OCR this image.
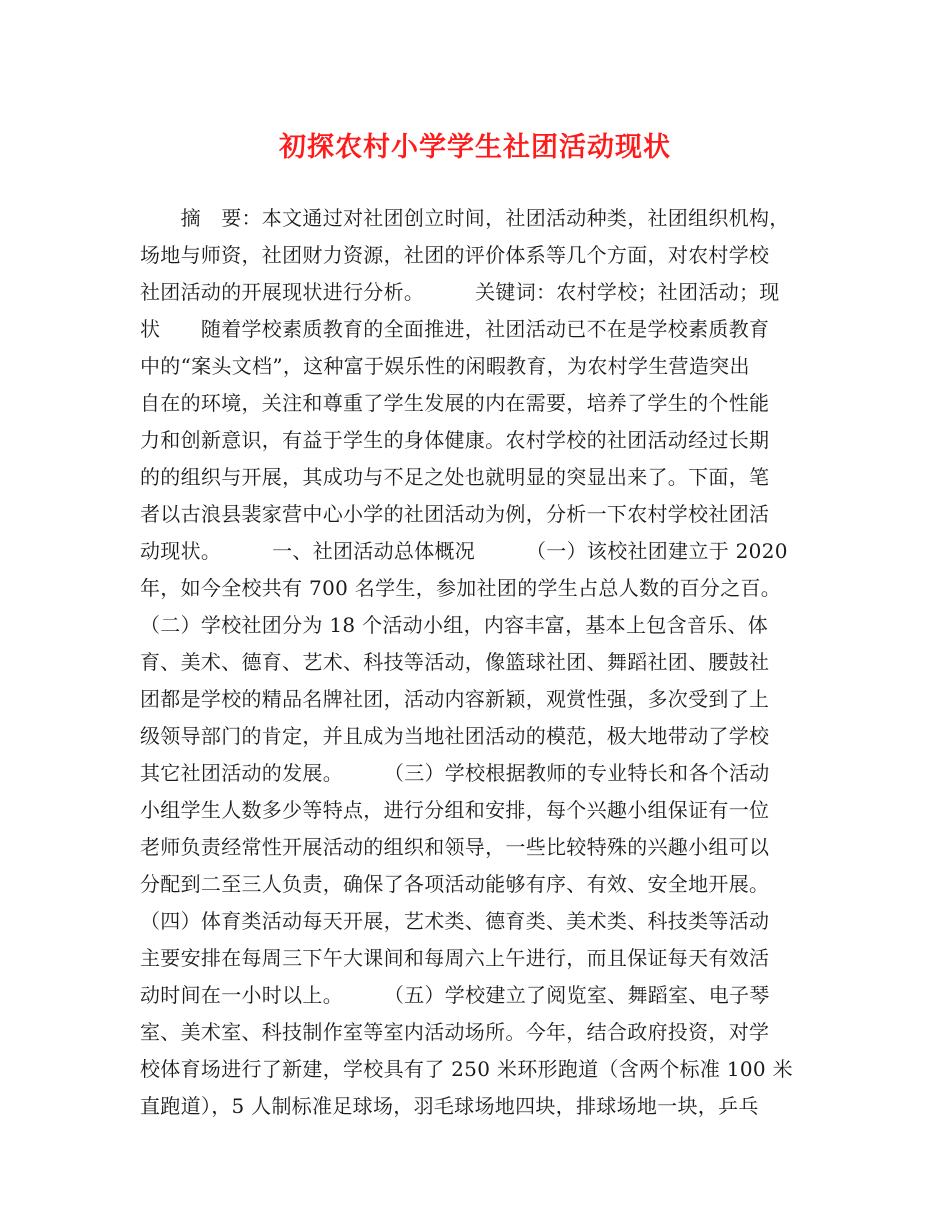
初探农村小学学生社团活动现状
　　摘　要：本文通过对社团创立时间，社团活动种类，社团组织机构，
场地与师资，社团财力资源，社团的评价体系等几个方面，对农村学校
社团活动的开展现状进行分析。　　　关键词：农村学校；社团活动；现
状　　随着学校素质教育的全面推进，社团活动已不在是学校素质教育
中的“案头文档”，这种富于娱乐性的闲暇教育，为农村学生营造突出
自在的环境，关注和尊重了学生发展的内在需要，培养了学生的个性能
力和创新意识，有益于学生的身体健康。农村学校的社团活动经过长期
的的组织与开展，其成功与不足之处也就明显的突显出来了。下面，笔
者以古浪县裴家营中心小学的社团活动为例，分析一下农村学校社团活
动现状。　　　一、社团活动总体概况　　　（一）该校社团建立于 2020
年，如今全校共有 700 名学生，参加社团的学生占总人数的百分之百。
（二）学校社团分为 18 个活动小组，内容丰富，基本上包含音乐、体
育、美术、德育、艺术、科技等活动，像篮球社团、舞蹈社团、腰鼓社
团都是学校的精品名牌社团，活动内容新颖，观赏性强，多次受到了上
级领导部门的肯定，并且成为当地社团活动的模范，极大地带动了学校
其它社团活动的发展。　　　（三）学校根据教师的专业特长和各个活动
小组学生人数多少等特点，进行分组和安排，每个兴趣小组保证有一位
老师负责经常性开展活动的组织和领导，一些比较特殊的兴趣小组可以
分配到二至三人负责，确保了各项活动能够有序、有效、安全地开展。
（四）体育类活动每天开展，艺术类、德育类、美术类、科技类等活动
主要安排在每周三下午大课间和每周六上午进行，而且保证每天有效活
动时间在一小时以上。　　　（五）学校建立了阅览室、舞蹈室、电子琴
室、美术室、科技制作室等室内活动场所。今年，结合政府投资，对学
校体育场进行了新建，学校具有了 250 米环形跑道（含两个标准 100 米
直跑道），5 人制标准足球场，羽毛球场地四块，排球场地一块，乒乓
